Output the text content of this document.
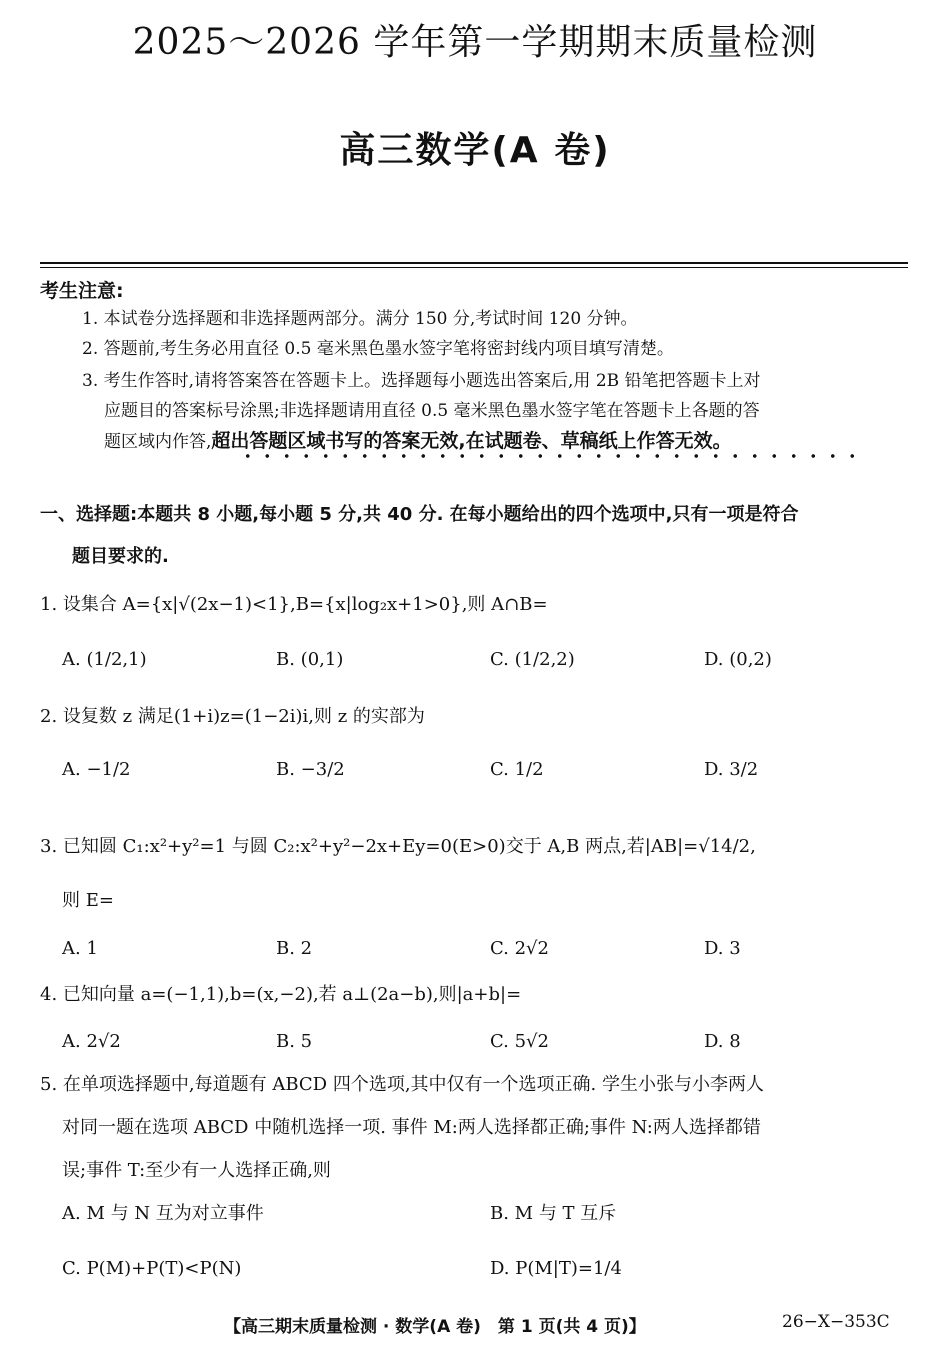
2025～2026 学年第一学期期末质量检测
高三数学(A 卷)
考生注意:
1. 本试卷分选择题和非选择题两部分。满分 150 分,考试时间 120 分钟。
2. 答题前,考生务必用直径 0.5 毫米黑色墨水签字笔将密封线内项目填写清楚。
3. 考生作答时,请将答案答在答题卡上。选择题每小题选出答案后,用 2B 铅笔把答题卡上对
应题目的答案标号涂黑;非选择题请用直径 0.5 毫米黑色墨水签字笔在答题卡上各题的答
题区域内作答,超出答题区域书写的答案无效,在试题卷、草稿纸上作答无效。
一、选择题:本题共 8 小题,每小题 5 分,共 40 分. 在每小题给出的四个选项中,只有一项是符合
题目要求的.
1. 设集合 A={x|√(2x−1)<1},B={x|log₂x+1>0},则 A∩B=
A. (1/2,1)	B. (0,1)	C. (1/2,2)	D. (0,2)
2. 设复数 z 满足(1+i)z=(1−2i)i,则 z 的实部为
A. −1/2	B. −3/2	C. 1/2	D. 3/2
3. 已知圆 C₁:x²+y²=1 与圆 C₂:x²+y²−2x+Ey=0(E>0)交于 A,B 两点,若|AB|=√14/2,
则 E=
A. 1	B. 2	C. 2√2	D. 3
4. 已知向量 a=(−1,1),b=(x,−2),若 a⊥(2a−b),则|a+b|=
A. 2√2	B. 5	C. 5√2	D. 8
5. 在单项选择题中,每道题有 ABCD 四个选项,其中仅有一个选项正确. 学生小张与小李两人
对同一题在选项 ABCD 中随机选择一项. 事件 M:两人选择都正确;事件 N:两人选择都错
误;事件 T:至少有一人选择正确,则
A. M 与 N 互为对立事件	B. M 与 T 互斥
C. P(M)+P(T)<P(N)	D. P(M|T)=1/4
【高三期末质量检测 · 数学(A 卷)　第 1 页(共 4 页)】	26−X−353C
